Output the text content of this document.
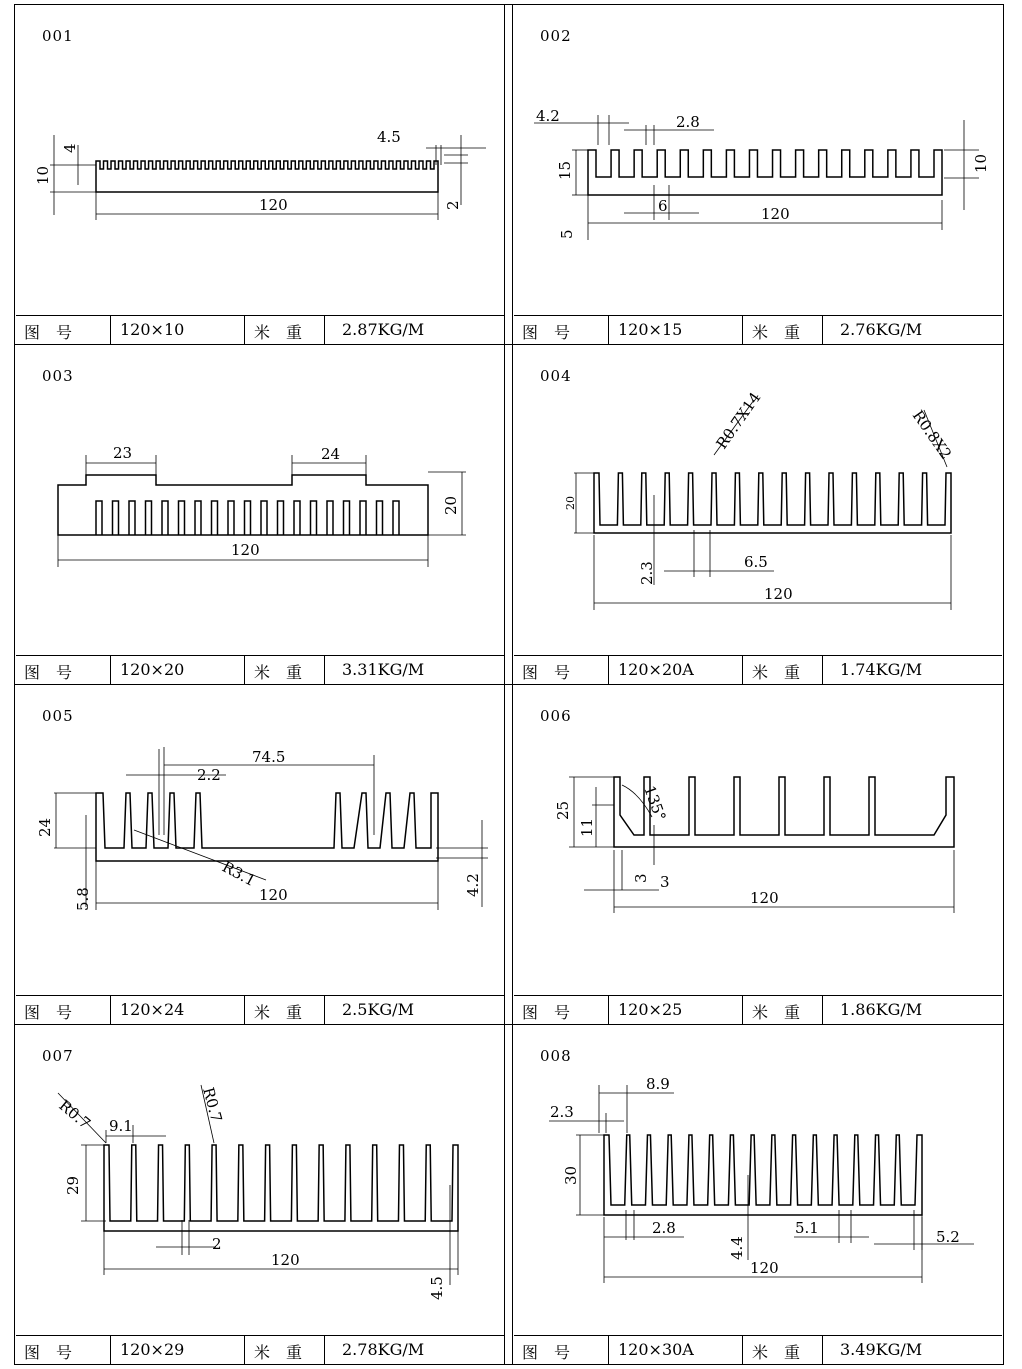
001
10
4
4.5
2
120
图　号	120×10	米　重 2.87KG/M
002
4.2	2.8
15	10
5
6	120
图　号	120×15	米　重 2.76KG/M
003
23	24
20
120
图　号	120×20	米　重 3.31KG/M
004
R0.7X14	R0.8X2
20
2.3	6.5
120
图　号	120×20A	米　重 1.74KG/M
005
74.5
2.2
24
R3.1
5.8	120	4.2
图　号	120×24	米　重 2.5KG/M
006
25
11
135°
3 3
120
图　号	120×25	米　重 1.86KG/M
007
R0.7 9.1
R0.7
29
2
120
4.5
图　号	120×29	米　重 2.78KG/M
008
8.9
2.3
30
2.8
4.4
5.1	5.2
120
图　号	120×30A	米　重 3.49KG/M
